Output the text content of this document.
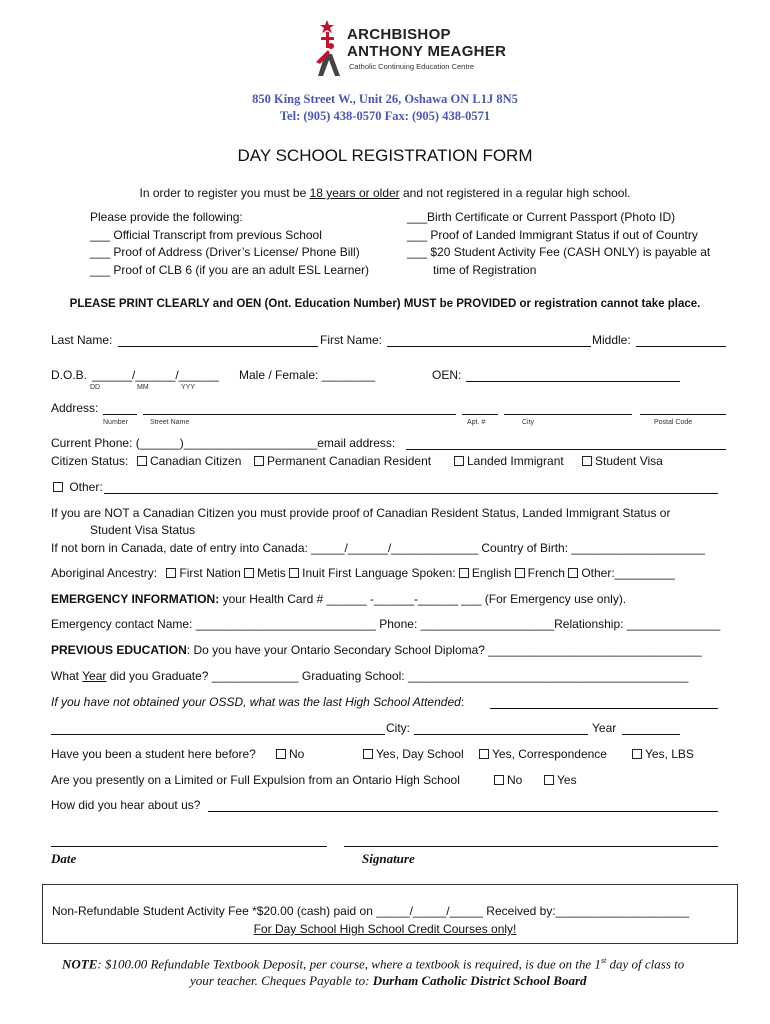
ARCHBISHOP
ANTHONY MEAGHER
Catholic Continuing Education Centre
850 King Street W., Unit 26, Oshawa ON L1J 8N5
Tel: (905) 438-0570 Fax: (905) 438-0571
DAY SCHOOL REGISTRATION FORM
In order to register you must be 18 years or older and not registered in a regular high school.
Please provide the following:
___ Official Transcript from previous School
___ Proof of Address (Driver’s License/ Phone Bill)
___ Proof of CLB 6 (if you are an adult ESL Learner)
___Birth Certificate or Current Passport (Photo ID)
___ Proof of Landed Immigrant Status if out of Country
___ $20 Student Activity Fee (CASH ONLY) is payable at
time of Registration
PLEASE PRINT CLEARLY and OEN (Ont. Education Number) MUST be PROVIDED or registration cannot take place.
Last Name:	First Name:	Middle:
D.O.B. ______/______/______
DD	MM	YYY
Male / Female: ________	OEN:
Address:
Number	Street Name	Apt. #	City	Postal Code
Current Phone: (______)____________________email address:
Citizen Status:	Canadian Citizen	Permanent Canadian Resident	Landed Immigrant	Student Visa
Other:
If you are NOT a Canadian Citizen you must provide proof of Canadian Resident Status, Landed Immigrant Status or
Student Visa Status
If not born in Canada, date of entry into Canada: _____/______/_____________ Country of Birth: ____________________
Aboriginal Ancestry: First Nation Metis Inuit First Language Spoken: English French Other:_________
EMERGENCY INFORMATION: your Health Card # ______ -______-______ ___ (For Emergency use only).
Emergency contact Name: ___________________________ Phone: ____________________Relationship: ______________
PREVIOUS EDUCATION: Do you have your Ontario Secondary School Diploma? ________________________________
What Year did you Graduate? _____________ Graduating School: __________________________________________
If you have not obtained your OSSD, what was the last High School Attended:
City:	Year
Have you been a student here before?	No	Yes, Day School	Yes, Correspondence	Yes, LBS
Are you presently on a Limited or Full Expulsion from an Ontario High School	No	Yes
How did you hear about us?
Date	Signature
Non-Refundable Student Activity Fee *$20.00 (cash) paid on _____/_____/_____ Received by:____________________
For Day School High School Credit Courses only!
NOTE: $100.00 Refundable Textbook Deposit, per course, where a textbook is required, is due on the 1st day of class to
your teacher. Cheques Payable to: Durham Catholic District School Board
